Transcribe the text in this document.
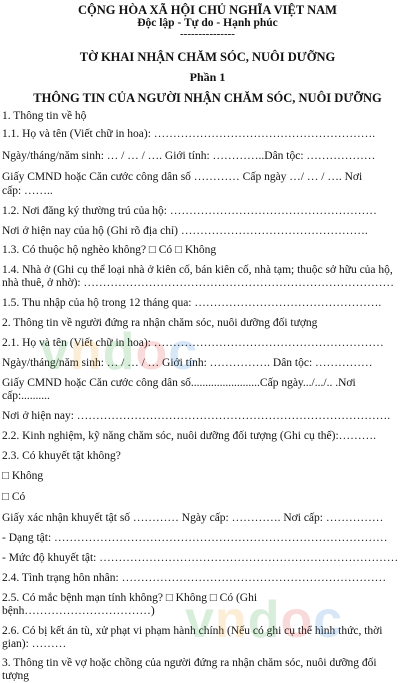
CỘNG HÒA XÃ HỘI CHỦ NGHĨA VIỆT NAM
Độc lập - Tự do - Hạnh phúc
---------------
TỜ KHAI NHẬN CHĂM SÓC, NUÔI DƯỠNG
Phần 1
THÔNG TIN CỦA NGƯỜI NHẬN CHĂM SÓC, NUÔI DƯỠNG
1. Thông tin về hộ
1.1. Họ và tên (Viết chữ in hoa): ………………………………………………….
Ngày/tháng/năm sinh: … / … / …. Giới tính: …………..Dân tộc: ………………
Giấy CMND hoặc Căn cước công dân số ………… Cấp ngày …/ … / …. Nơi
cấp: ……..
1.2. Nơi đăng ký thường trú của hộ: ………………………………………………
Nơi ở hiện nay của hộ (Ghi rõ địa chỉ) ………………………………………….
1.3. Có thuộc hộ nghèo không? □ Có □ Không
1.4. Nhà ở (Ghi cụ thể loại nhà ở kiên cố, bán kiên cố, nhà tạm; thuộc sở hữu của hộ,
nhà thuê, ở nhờ): ………………………………………………………………………
1.5. Thu nhập của hộ trong 12 tháng qua: ………………………………………….
2. Thông tin về người đứng ra nhận chăm sóc, nuôi dưỡng đối tượng
2.1. Họ và tên (Viết chữ in hoa): ……………………………………………………
Ngày/tháng/năm sinh: … / … / … Giới tính: ……………. Dân tộc: ……………
Giấy CMND hoặc Căn cước công dân số........................Cấp ngày.../.../.. .Nơi
cấp:..........
Nơi ở hiện nay: ……………………………………………………………………….
2.2. Kinh nghiệm, kỹ năng chăm sóc, nuôi dưỡng đối tượng (Ghi cụ thể):……….
2.3. Có khuyết tật không?
□ Không
□ Có
Giấy xác nhận khuyết tật số ………… Ngày cấp: …………. Nơi cấp: ……………
- Dạng tật: ……………………………………………………………………………
- Mức độ khuyết tật: ……………………………………………………………………
2.4. Tình trạng hôn nhân: ……………………………………………………………
2.5. Có mắc bệnh mạn tính không? □ Không □ Có (Ghi
bệnh……………………………)
2.6. Có bị kết án tù, xử phạt vi phạm hành chính (Nếu có ghi cụ thể hình thức, thời
gian): ………
3. Thông tin về vợ hoặc chồng của người đứng ra nhận chăm sóc, nuôi dưỡng đối
tượng
vndoc
vndoc
